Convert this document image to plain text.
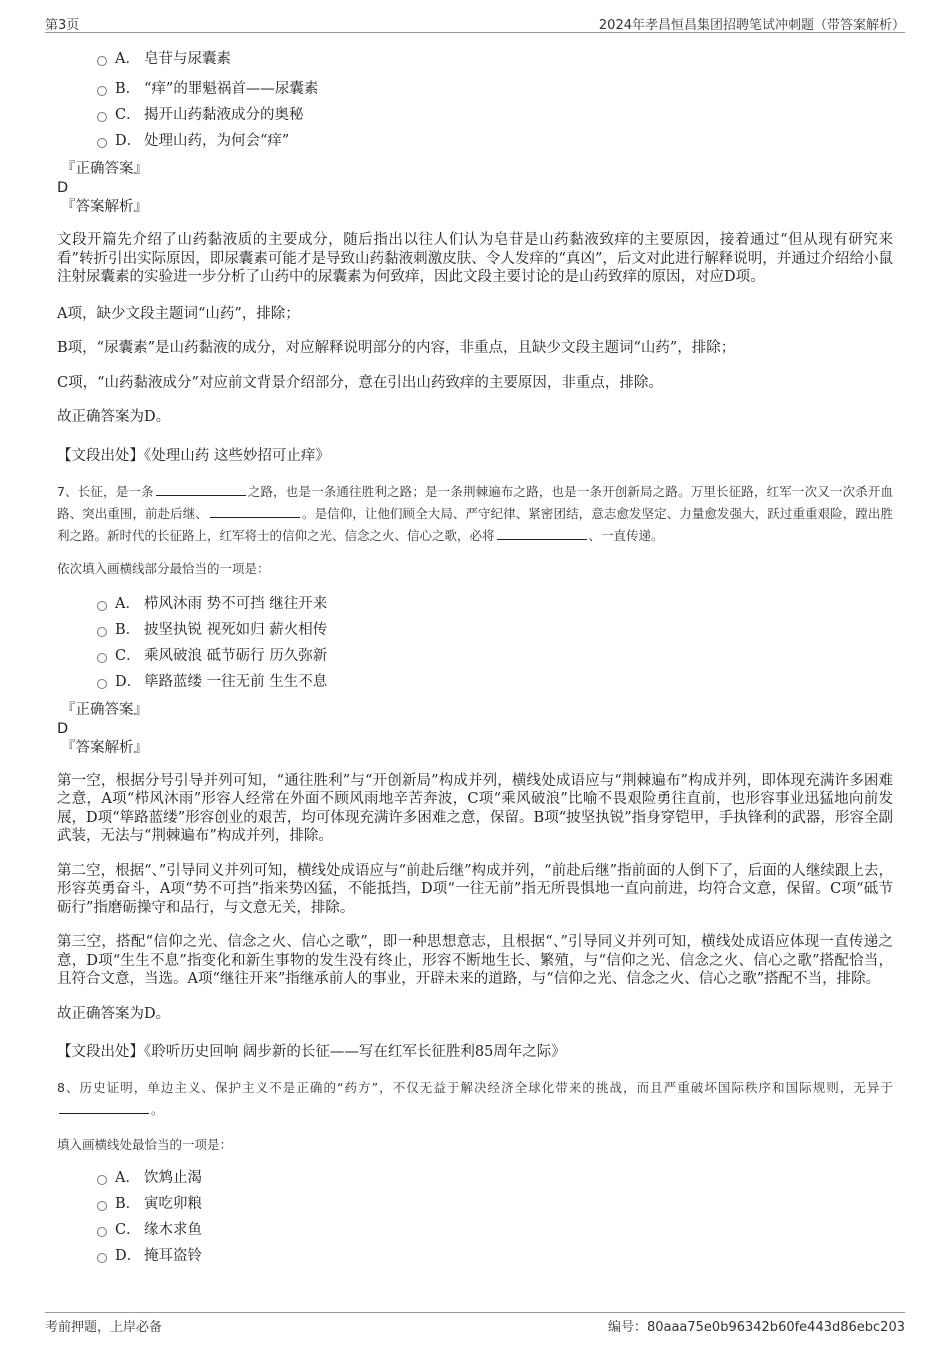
第3页	2024年孝昌恒昌集团招聘笔试冲刺题（带答案解析）
A． 皂苷与尿囊素
B． “痒”的罪魁祸首——尿囊素
C． 揭开山药黏液成分的奥秘
D． 处理山药，为何会“痒”
『正确答案』
D
『答案解析』

文段开篇先介绍了山药黏液质的主要成分，随后指出以往人们认为皂苷是山药黏液致痒的主要原因，接着通过“但从现有研究来看”转折引出实际原因，即尿囊素可能才是导致山药黏液刺激皮肤、令人发痒的“真凶”，后文对此进行解释说明，并通过介绍给小鼠注射尿囊素的实验进一步分析了山药中的尿囊素为何致痒，因此文段主要讨论的是山药致痒的原因，对应D项。

A项，缺少文段主题词“山药”，排除；

B项，“尿囊素”是山药黏液的成分，对应解释说明部分的内容，非重点，且缺少文段主题词“山药”，排除；

C项，“山药黏液成分”对应前文背景介绍部分，意在引出山药致痒的主要原因，非重点，排除。

故正确答案为D。

【文段出处】《处理山药 这些妙招可止痒》

7、长征，是一条	之路，也是一条通往胜利之路；是一条荆棘遍布之路，也是一条开创新局之路。万里长征路，红军一次又一次杀开血路、突出重围，前赴后继、	。是信仰，让他们顾全大局、严守纪律、紧密团结，意志愈发坚定、力量愈发强大，跃过重重艰险，蹚出胜利之路。新时代的长征路上，红军将士的信仰之光、信念之火、信心之歌，必将	、一直传递。

依次填入画横线部分最恰当的一项是：

A． 栉风沐雨 势不可挡 继往开来
B． 披坚执锐 视死如归 薪火相传
C． 乘风破浪 砥节砺行 历久弥新
D． 筚路蓝缕 一往无前 生生不息
『正确答案』
D
『答案解析』

第一空，根据分号引导并列可知，“通往胜利”与“开创新局”构成并列，横线处成语应与“荆棘遍布”构成并列，即体现充满许多困难之意，A项“栉风沐雨”形容人经常在外面不顾风雨地辛苦奔波，C项“乘风破浪”比喻不畏艰险勇往直前，也形容事业迅猛地向前发展，D项“筚路蓝缕”形容创业的艰苦，均可体现充满许多困难之意，保留。B项“披坚执锐”指身穿铠甲，手执锋利的武器，形容全副武装，无法与“荆棘遍布”构成并列，排除。

第二空，根据“、”引导同义并列可知，横线处成语应与“前赴后继”构成并列，“前赴后继”指前面的人倒下了，后面的人继续跟上去，形容英勇奋斗，A项“势不可挡”指来势凶猛，不能抵挡，D项“一往无前”指无所畏惧地一直向前进，均符合文意，保留。C项“砥节砺行”指磨砺操守和品行，与文意无关，排除。

第三空，搭配“信仰之光、信念之火、信心之歌”，即一种思想意志，且根据“、”引导同义并列可知，横线处成语应体现一直传递之意，D项“生生不息”指变化和新生事物的发生没有终止，形容不断地生长、繁殖，与“信仰之光、信念之火、信心之歌”搭配恰当，且符合文意，当选。A项“继往开来”指继承前人的事业，开辟未来的道路，与“信仰之光、信念之火、信心之歌”搭配不当，排除。

故正确答案为D。

【文段出处】《聆听历史回响 阔步新的长征——写在红军长征胜利85周年之际》

8、历史证明，单边主义、保护主义不是正确的“药方”，不仅无益于解决经济全球化带来的挑战，而且严重破坏国际秩序和国际规则，无异于。

填入画横线处最恰当的一项是：

A． 饮鸩止渴
B． 寅吃卯粮
C． 缘木求鱼
D． 掩耳盗铃
考前押题，上岸必备	编号：80aaa75e0b96342b60fe443d86ebc203
